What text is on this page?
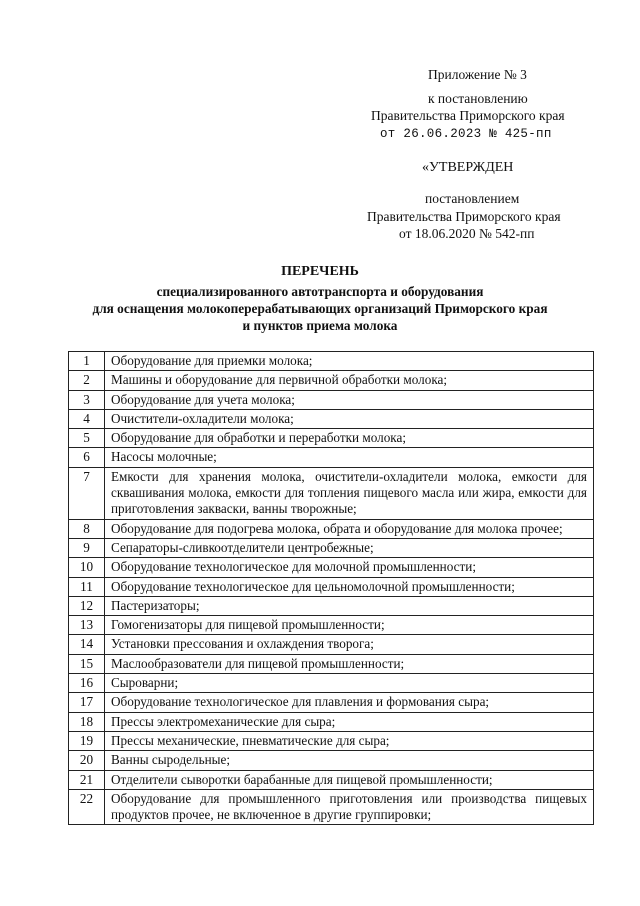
Приложение № 3
к постановлению
Правительства Приморского края
от 26.06.2023 № 425-пп
«УТВЕРЖДЕН
постановлением
Правительства Приморского края
от 18.06.2020 № 542-пп
ПЕРЕЧЕНЬ
специализированного автотранспорта и оборудования
для оснащения молокоперерабатывающих организаций Приморского края
и пунктов приема молока
1	Оборудование для приемки молока;
2	Машины и оборудование для первичной обработки молока;
3	Оборудование для учета молока;
4	Очистители-охладители молока;
5	Оборудование для обработки и переработки молока;
6	Насосы молочные;
7	Емкости для хранения молока, очистители-охладители молока, емкости для сквашивания молока, емкости для топления пищевого масла или жира, емкости для приготовления закваски, ванны творожные;
8	Оборудование для подогрева молока, обрата и оборудование для молока прочее;
9	Сепараторы-сливкоотделители центробежные;
10	Оборудование технологическое для молочной промышленности;
11	Оборудование технологическое для цельномолочной промышленности;
12	Пастеризаторы;
13	Гомогенизаторы для пищевой промышленности;
14	Установки прессования и охлаждения творога;
15	Маслообразователи для пищевой промышленности;
16	Сыроварни;
17	Оборудование технологическое для плавления и формования сыра;
18	Прессы электромеханические для сыра;
19	Прессы механические, пневматические для сыра;
20	Ванны сыродельные;
21	Отделители сыворотки барабанные для пищевой промышленности;
22	Оборудование для промышленного приготовления или производства пищевых продуктов прочее, не включенное в другие группировки;
